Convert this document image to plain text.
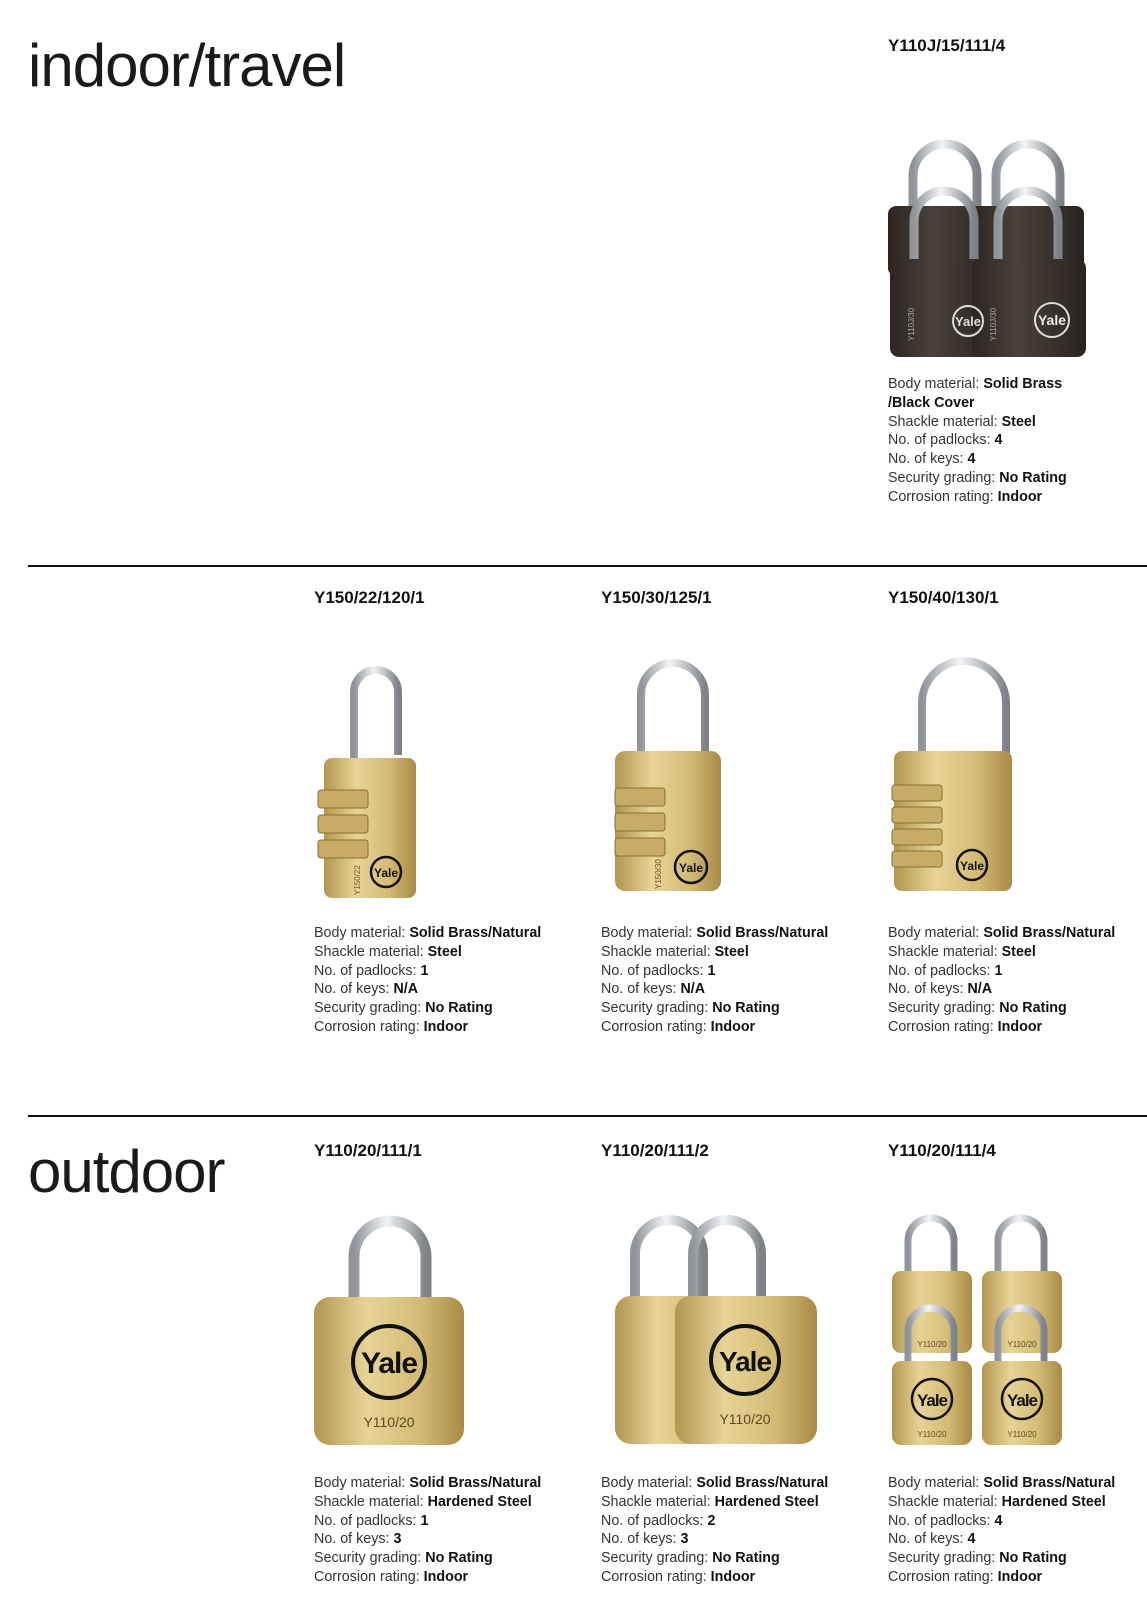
indoor/travel	Y110J/15/111/4

Yale	Yale
Y110J/30	Y110J/30
Body material: Solid Brass
/Black Cover
Shackle material: Steel
No. of padlocks: 4
No. of keys: 4
Security grading: No Rating
Corrosion rating: Indoor

Y150/22/120/1

Yale
Y150/22
Body material: Solid Brass/Natural
Shackle material: Steel
No. of padlocks: 1
No. of keys: N/A
Security grading: No Rating
Corrosion rating: Indoor

Y150/30/125/1

Yale
Y150/30
Body material: Solid Brass/Natural
Shackle material: Steel
No. of padlocks: 1
No. of keys: N/A
Security grading: No Rating
Corrosion rating: Indoor

Y150/40/130/1

Yale
Body material: Solid Brass/Natural
Shackle material: Steel
No. of padlocks: 1
No. of keys: N/A
Security grading: No Rating
Corrosion rating: Indoor
outdoor	Y110/20/111/1

Yale
Y110/20
Body material: Solid Brass/Natural
Shackle material: Hardened Steel
No. of padlocks: 1
No. of keys: 3
Security grading: No Rating
Corrosion rating: Indoor

Y110/20/111/2

Yale
Y110/20
Body material: Solid Brass/Natural
Shackle material: Hardened Steel
No. of padlocks: 2
No. of keys: 3
Security grading: No Rating
Corrosion rating: Indoor

Y110/20/111/4

Y110/20	Y110/20
Yale	Yale
Y110/20	Y110/20
Body material: Solid Brass/Natural
Shackle material: Hardened Steel
No. of padlocks: 4
No. of keys: 4
Security grading: No Rating
Corrosion rating: Indoor
